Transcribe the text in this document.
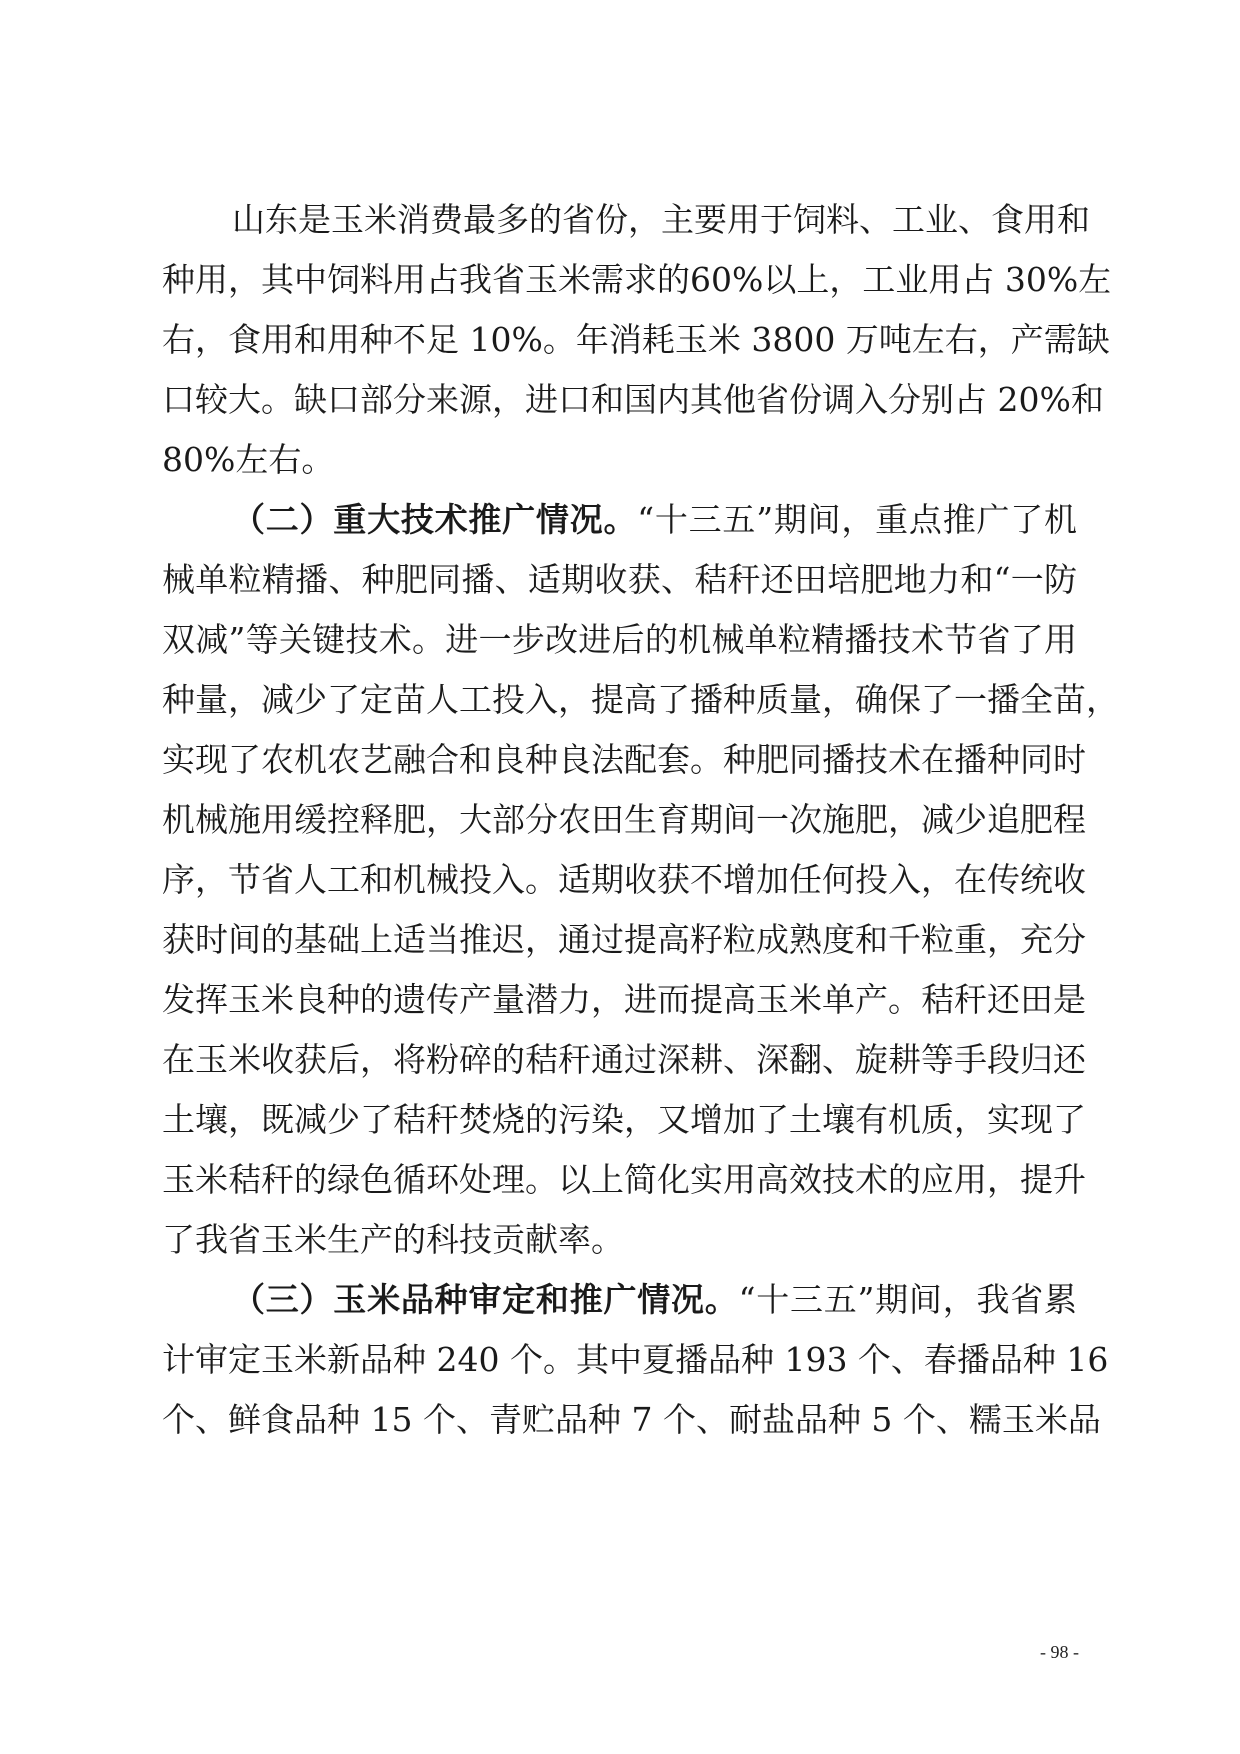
山东是玉米消费最多的省份，主要用于饲料、工业、食用和
种用，其中饲料用占我省玉米需求的60%以上，工业用占 30%左
右，食用和用种不足 10%。年消耗玉米 3800 万吨左右，产需缺
口较大。缺口部分来源，进口和国内其他省份调入分别占 20%和
80%左右。
（二）重大技术推广情况。“十三五”期间，重点推广了机
械单粒精播、种肥同播、适期收获、秸秆还田培肥地力和“一防
双减”等关键技术。进一步改进后的机械单粒精播技术节省了用
种量，减少了定苗人工投入，提高了播种质量，确保了一播全苗，
实现了农机农艺融合和良种良法配套。种肥同播技术在播种同时
机械施用缓控释肥，大部分农田生育期间一次施肥，减少追肥程
序，节省人工和机械投入。适期收获不增加任何投入，在传统收
获时间的基础上适当推迟，通过提高籽粒成熟度和千粒重，充分
发挥玉米良种的遗传产量潜力，进而提高玉米单产。秸秆还田是
在玉米收获后，将粉碎的秸秆通过深耕、深翻、旋耕等手段归还
土壤，既减少了秸秆焚烧的污染，又增加了土壤有机质，实现了
玉米秸秆的绿色循环处理。以上简化实用高效技术的应用，提升
了我省玉米生产的科技贡献率。
（三）玉米品种审定和推广情况。“十三五”期间，我省累
计审定玉米新品种 240 个。其中夏播品种 193 个、春播品种 16
个、鲜食品种 15 个、青贮品种 7 个、耐盐品种 5 个、糯玉米品
- 98 -
